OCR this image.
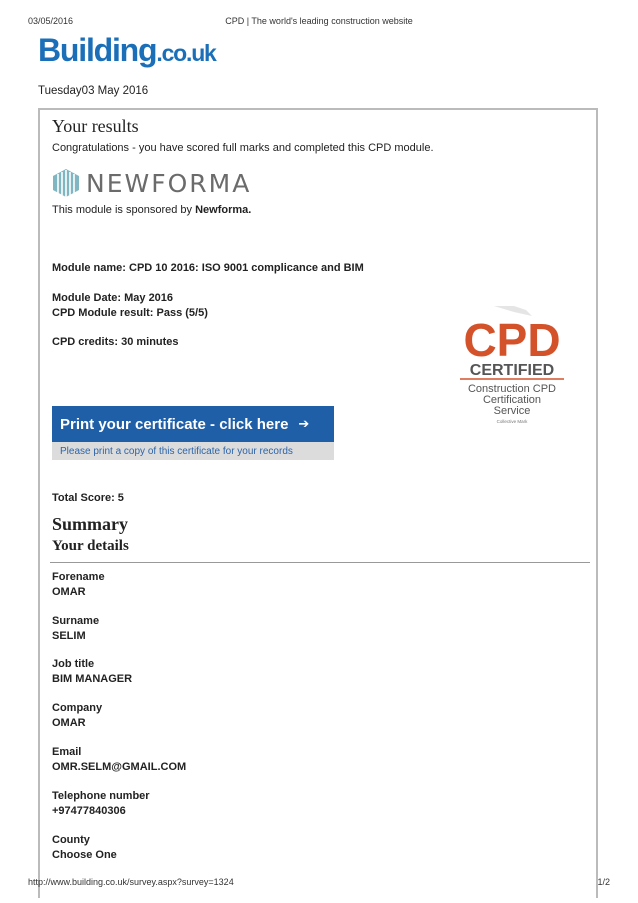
03/05/2016	CPD | The world's leading construction website
Building .co.uk
Tuesday03 May 2016
Your results
Congratulations - you have scored full marks and completed this CPD module.
NEWFORMA
This module is sponsored by Newforma.
Module name: CPD 10 2016: ISO 9001 complicance and BIM
Module Date: May 2016
CPD Module result: Pass (5/5)
CPD credits: 30 minutes	CPD
CERTIFIED
Construction CPD
Certification
Service
Collective Mark
Print your certificate - click here ➔
Please print a copy of this certificate for your records
Total Score: 5
Summary
Your details
Forename
OMAR
Surname
SELIM
Job title
BIM MANAGER
Company
OMAR
Email
OMR.SELM@GMAIL.COM
Telephone number
+97477840306
County
Choose One
http://www.building.co.uk/survey.aspx?survey=1324	1/2
